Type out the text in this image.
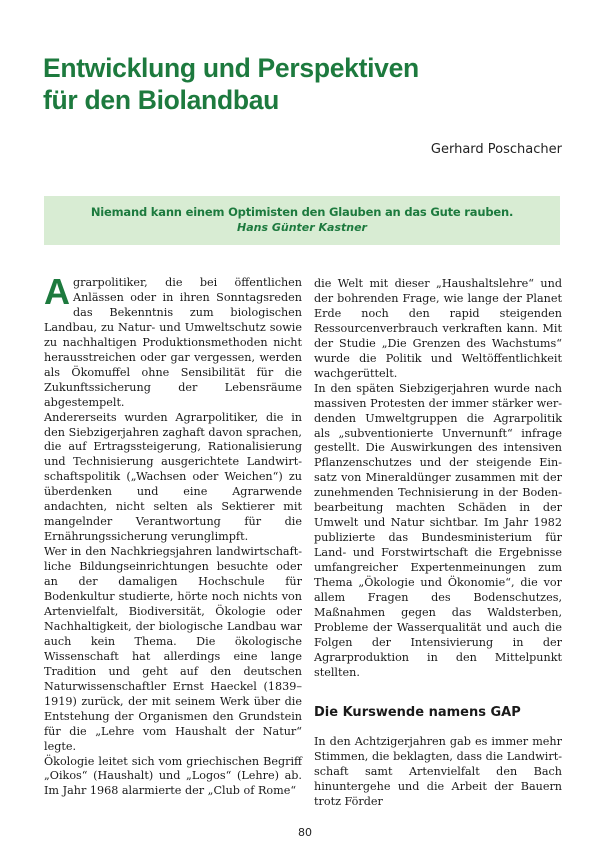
Entwicklung und Perspektiven
für den Biolandbau
Gerhard Poschacher
Niemand kann einem Optimisten den Glauben an das Gute rauben.
Hans Günter Kastner

Agrarpolitiker, die bei öffentlichen Anlässen oder in ihren Sonntagsreden das Bekenntnis zum biologischen Landbau, zu Natur- und Umweltschutz sowie zu nachhaltigen Produktionsmethoden nicht herausstreichen oder gar vergessen, werden als Ökomuffel ohne Sensibilität für die Zukunftssicherung der Lebensräume abgestempelt.

Andererseits wurden Agrarpolitiker, die in den Siebzigerjahren zaghaft davon sprachen, die auf Ertragssteigerung, Rationalisierung und Technisierung ausgerichtete Landwirtschaftspolitik („Wachsen oder Weichen“) zu überdenken und eine Agrarwende andachten, nicht selten als Sektierer mit mangelnder Verantwortung für die Ernährungssicherung verunglimpft.

Wer in den Nachkriegsjahren landwirtschaftliche Bildungseinrichtungen besuchte oder an der damaligen Hochschule für Bodenkultur studierte, hörte noch nichts von Artenvielfalt, Biodiversität, Ökologie oder Nachhaltigkeit, der biologische Landbau war auch kein Thema. Die ökologische Wissenschaft hat allerdings eine lange Tradition und geht auf den deutschen Naturwissenschaftler Ernst Haeckel (1839–1919) zurück, der mit seinem Werk über die Entstehung der Organismen den Grundstein für die „Lehre vom Haushalt der Natur“ legte.

Ökologie leitet sich vom griechischen Begriff „Oikos“ (Haushalt) und „Logos“ (Lehre) ab. Im Jahr 1968 alarmierte der „Club of Rome“

die Welt mit dieser „Haushaltslehre“ und der bohrenden Frage, wie lange der Planet Erde noch den rapid steigenden Ressourcenverbrauch verkraften kann. Mit der Studie „Die Grenzen des Wachstums“ wurde die Politik und Weltöffentlichkeit wachgerüttelt.

In den späten Siebzigerjahren wurde nach massiven Protesten der immer stärker werdenden Umweltgruppen die Agrarpolitik als „subventionierte Unvernunft“ infrage gestellt. Die Auswirkungen des intensiven Pflanzenschutzes und der steigende Einsatz von Mineraldünger zusammen mit der zunehmenden Technisierung in der Bodenbearbeitung machten Schäden in der Umwelt und Natur sichtbar. Im Jahr 1982 publizierte das Bundesministerium für Land- und Forstwirtschaft die Ergebnisse umfangreicher Expertenmeinungen zum Thema „Ökologie und Ökonomie“, die vor allem Fragen des Bodenschutzes, Maßnahmen gegen das Waldsterben, Probleme der Wasserqualität und auch die Folgen der Intensivierung in der Agrarproduktion in den Mittelpunkt stellten.

Die Kurswende namens GAP

In den Achtzigerjahren gab es immer mehr Stimmen, die beklagten, dass die Landwirtschaft samt Artenvielfalt den Bach hinuntergehe und die Arbeit der Bauern trotz Förder

80
